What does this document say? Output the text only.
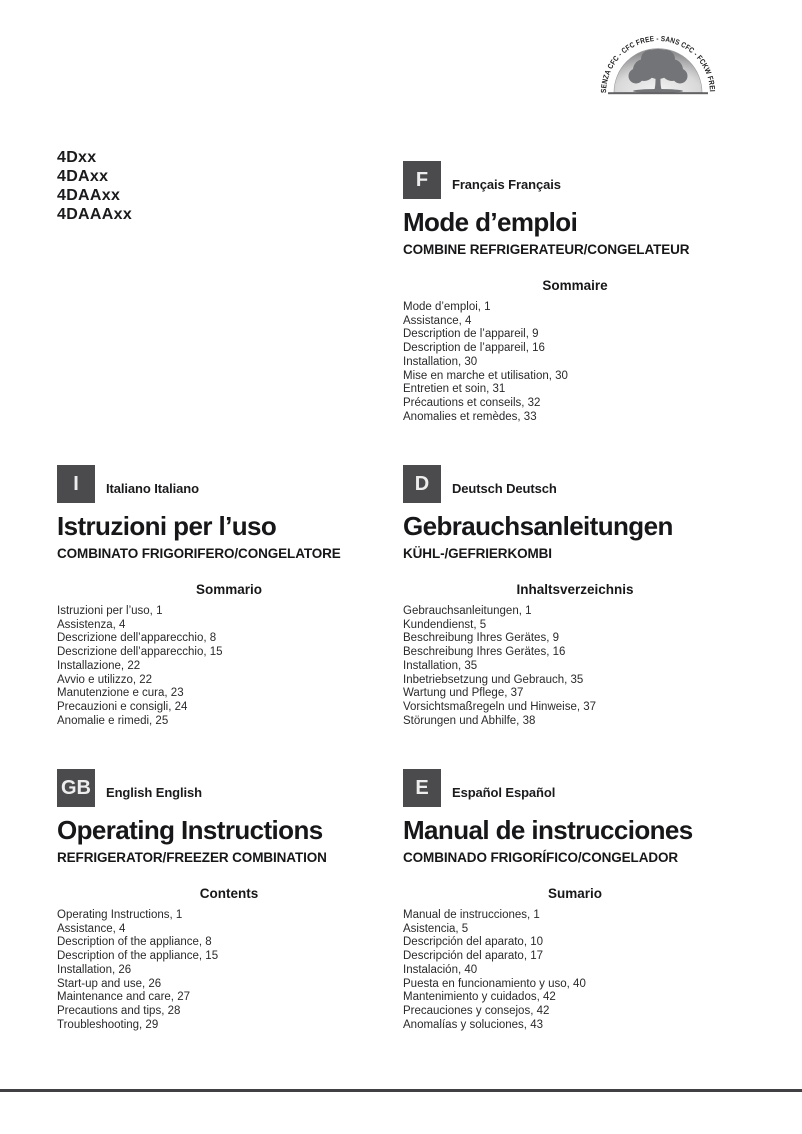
4Dxx
4DAxx
4DAAxx
4DAAAxx
SENZA CFC - CFC FREE - SANS CFC - FCKW FREI
F	Français Français
Mode d’emploi
COMBINE REFRIGERATEUR/CONGELATEUR
Sommaire
Mode d’emploi, 1
Assistance, 4
Description de l’appareil, 9
Description de l’appareil, 16
Installation, 30
Mise en marche et utilisation, 30
Entretien et soin, 31
Précautions et conseils, 32
Anomalies et remèdes, 33
I	Italiano Italiano
Istruzioni per l’uso
COMBINATO FRIGORIFERO/CONGELATORE
Sommario
Istruzioni per l’uso, 1
Assistenza, 4
Descrizione dell’apparecchio, 8
Descrizione dell’apparecchio, 15
Installazione, 22
Avvio e utilizzo, 22
Manutenzione e cura, 23
Precauzioni e consigli, 24
Anomalie e rimedi, 25
D	Deutsch Deutsch
Gebrauchsanleitungen
KÜHL-/GEFRIERKOMBI
Inhaltsverzeichnis
Gebrauchsanleitungen, 1
Kundendienst, 5
Beschreibung Ihres Gerätes, 9
Beschreibung Ihres Gerätes, 16
Installation, 35
Inbetriebsetzung und Gebrauch, 35
Wartung und Pflege, 37
Vorsichtsmaßregeln und Hinweise, 37
Störungen und Abhilfe, 38
GB	English English
Operating Instructions
REFRIGERATOR/FREEZER COMBINATION
Contents
Operating Instructions, 1
Assistance, 4
Description of the appliance, 8
Description of the appliance, 15
Installation, 26
Start-up and use, 26
Maintenance and care, 27
Precautions and tips, 28
Troubleshooting, 29
E	Español Español
Manual de instrucciones
COMBINADO FRIGORÍFICO/CONGELADOR
Sumario
Manual de instrucciones, 1
Asistencia, 5
Descripción del aparato, 10
Descripción del aparato, 17
Instalación, 40
Puesta en funcionamiento y uso, 40
Mantenimiento y cuidados, 42
Precauciones y consejos, 42
Anomalías y soluciones, 43
